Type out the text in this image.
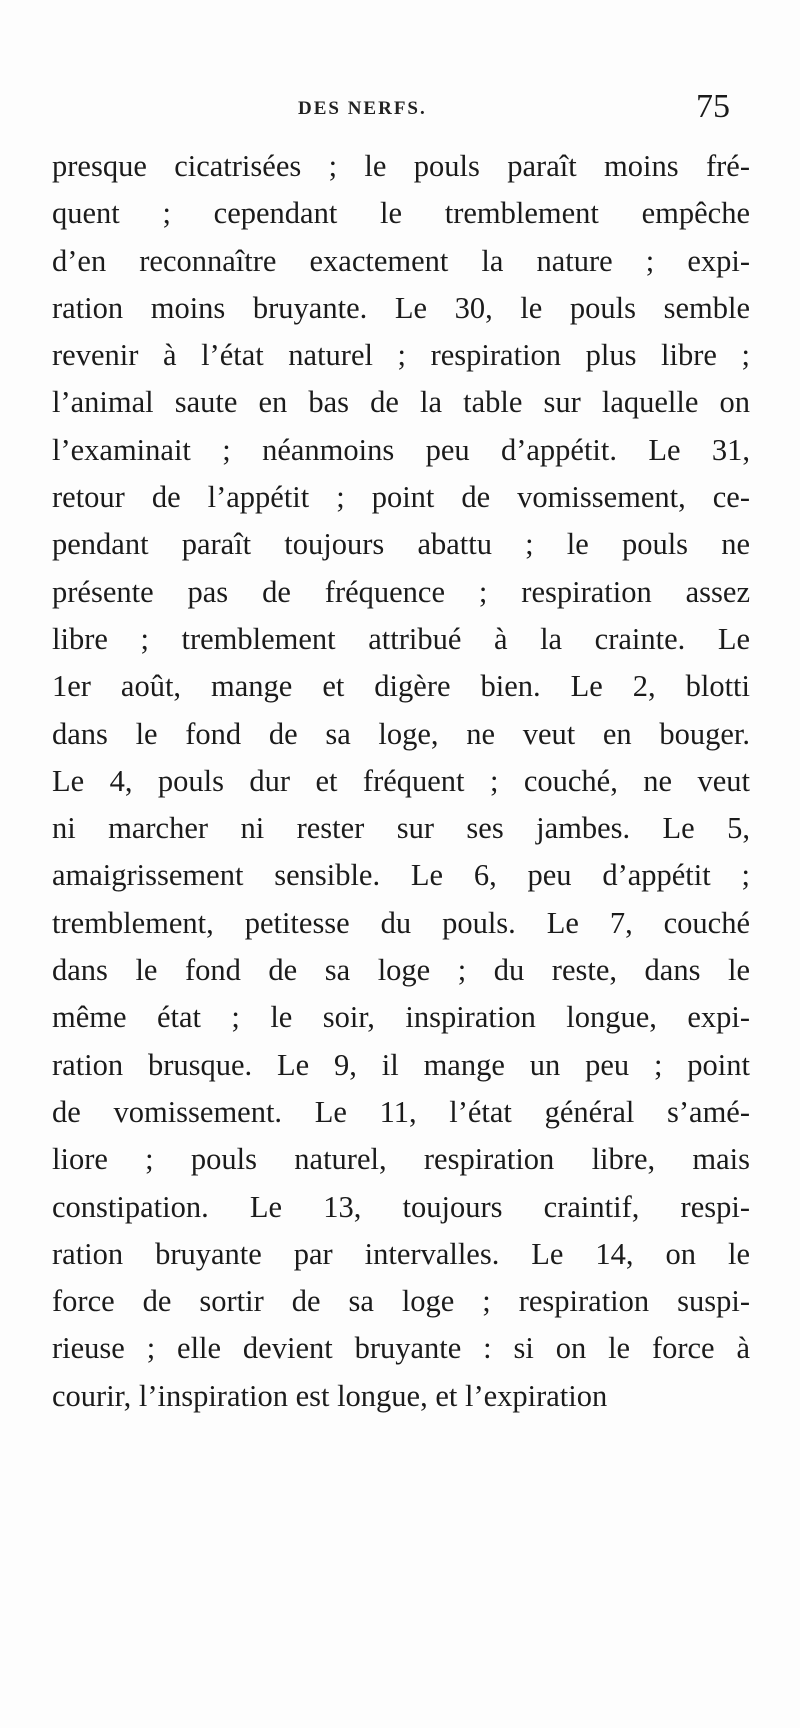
DES NERFS.	75
presque cicatrisées ; le pouls paraît moins fré-
quent ; cependant le tremblement empêche
d’en reconnaître exactement la nature ; expi-
ration moins bruyante. Le 30, le pouls semble
revenir à l’état naturel ; respiration plus libre ;
l’animal saute en bas de la table sur laquelle on
l’examinait ; néanmoins peu d’appétit. Le 31,
retour de l’appétit ; point de vomissement, ce-
pendant paraît toujours abattu ; le pouls ne
présente pas de fréquence ; respiration assez
libre ; tremblement attribué à la crainte. Le
1er août, mange et digère bien. Le 2, blotti
dans le fond de sa loge, ne veut en bouger.
Le 4, pouls dur et fréquent ; couché, ne veut
ni marcher ni rester sur ses jambes. Le 5,
amaigrissement sensible. Le 6, peu d’appétit ;
tremblement, petitesse du pouls. Le 7, couché
dans le fond de sa loge ; du reste, dans le
même état ; le soir, inspiration longue, expi-
ration brusque. Le 9, il mange un peu ; point
de vomissement. Le 11, l’état général s’amé-
liore ; pouls naturel, respiration libre, mais
constipation. Le 13, toujours craintif, respi-
ration bruyante par intervalles. Le 14, on le
force de sortir de sa loge ; respiration suspi-
rieuse ; elle devient bruyante : si on le force à
courir, l’inspiration est longue, et l’expiration
